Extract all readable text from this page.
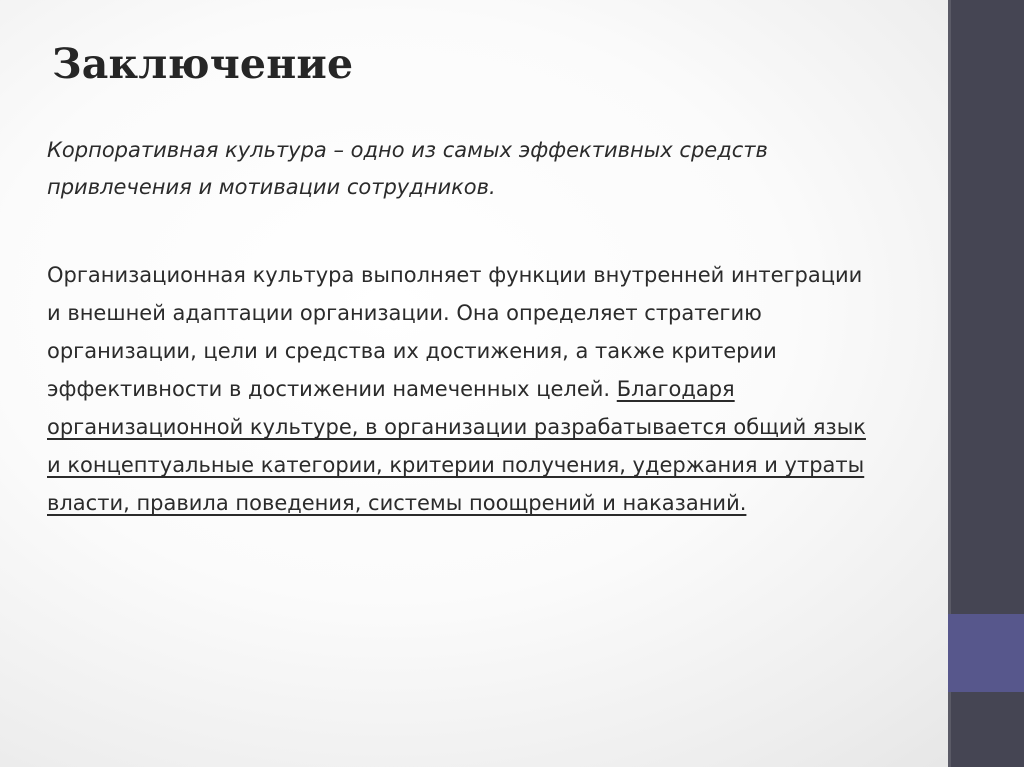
Заключение

Корпоративная культура – одно из самых эффективных средств привлечения и мотивации сотрудников.

Организационная культура выполняет функции внутренней интеграции и внешней адаптации организации. Она определяет стратегию организации, цели и средства их достижения, а также критерии эффективности в достижении намеченных целей. Благодаря организационной культуре, в организации разрабатывается общий язык и концептуальные категории, критерии получения, удержания и утраты власти, правила поведения, системы поощрений и наказаний.
